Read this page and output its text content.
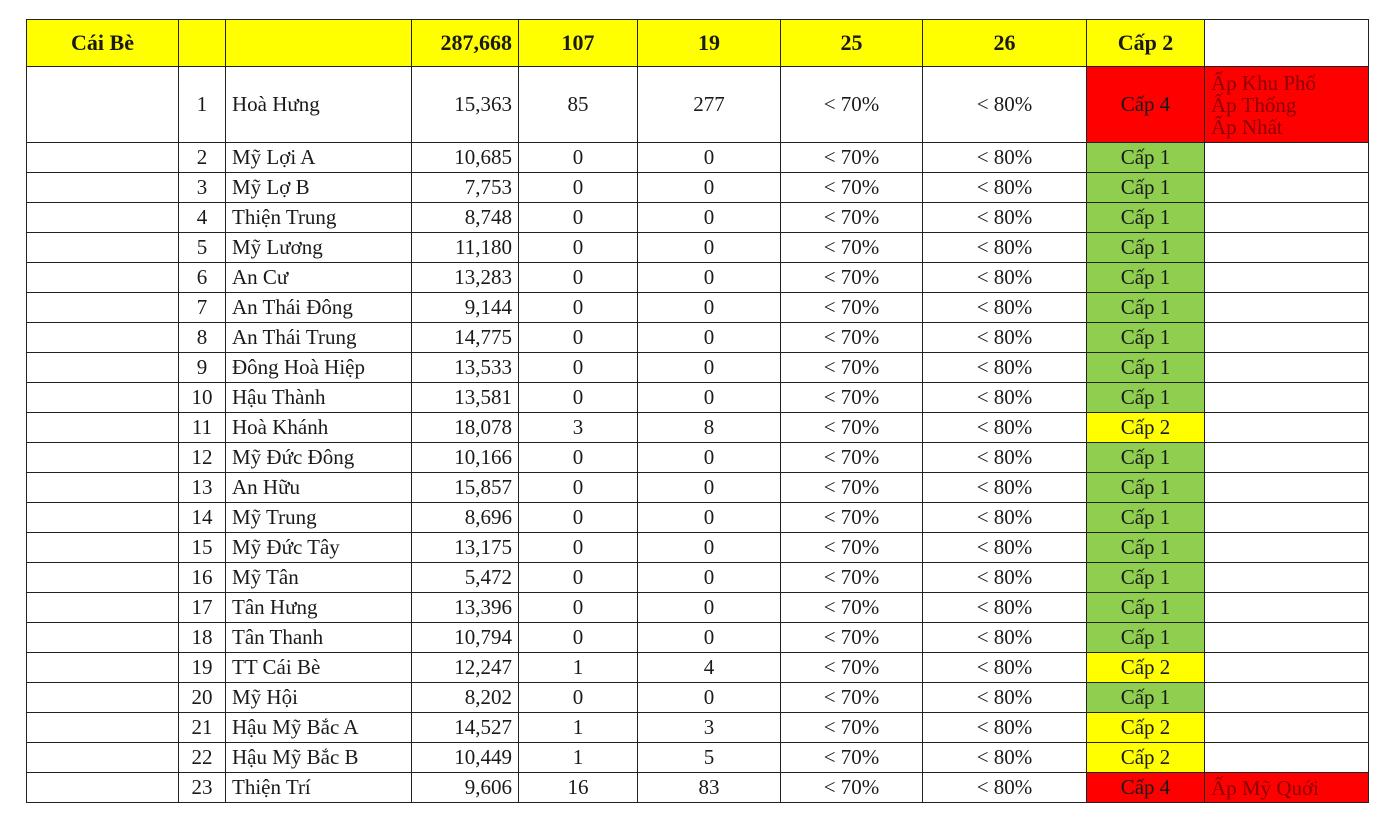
Cái Bè			287,668	107	19	25	26	Cấp 2	
	1	Hoà Hưng	15,363	85	277	< 70%	< 80%	Cấp 4	Ấp Khu Phố
Ấp Thống
Ấp Nhất

	2	Mỹ Lợi A	10,685	0	0	< 70%	< 80%	Cấp 1	
	3	Mỹ Lợ B	7,753	0	0	< 70%	< 80%	Cấp 1	
	4	Thiện Trung	8,748	0	0	< 70%	< 80%	Cấp 1	
	5	Mỹ Lương	11,180	0	0	< 70%	< 80%	Cấp 1	
	6	An Cư	13,283	0	0	< 70%	< 80%	Cấp 1	
	7	An Thái Đông	9,144	0	0	< 70%	< 80%	Cấp 1	
	8	An Thái Trung	14,775	0	0	< 70%	< 80%	Cấp 1	
	9	Đông Hoà Hiệp	13,533	0	0	< 70%	< 80%	Cấp 1	
	10	Hậu Thành	13,581	0	0	< 70%	< 80%	Cấp 1	
	11	Hoà Khánh	18,078	3	8	< 70%	< 80%	Cấp 2	
	12	Mỹ Đức Đông	10,166	0	0	< 70%	< 80%	Cấp 1	
	13	An Hữu	15,857	0	0	< 70%	< 80%	Cấp 1	
	14	Mỹ Trung	8,696	0	0	< 70%	< 80%	Cấp 1	
	15	Mỹ Đức Tây	13,175	0	0	< 70%	< 80%	Cấp 1	
	16	Mỹ Tân	5,472	0	0	< 70%	< 80%	Cấp 1	
	17	Tân Hưng	13,396	0	0	< 70%	< 80%	Cấp 1	
	18	Tân Thanh	10,794	0	0	< 70%	< 80%	Cấp 1	
	19	TT Cái Bè	12,247	1	4	< 70%	< 80%	Cấp 2	
	20	Mỹ Hội	8,202	0	0	< 70%	< 80%	Cấp 1	
	21	Hậu Mỹ Bắc A	14,527	1	3	< 70%	< 80%	Cấp 2	
	22	Hậu Mỹ Bắc B	10,449	1	5	< 70%	< 80%	Cấp 2	
	23	Thiện Trí	9,606	16	83	< 70%	< 80%	Cấp 4	Ấp Mỹ Quới
